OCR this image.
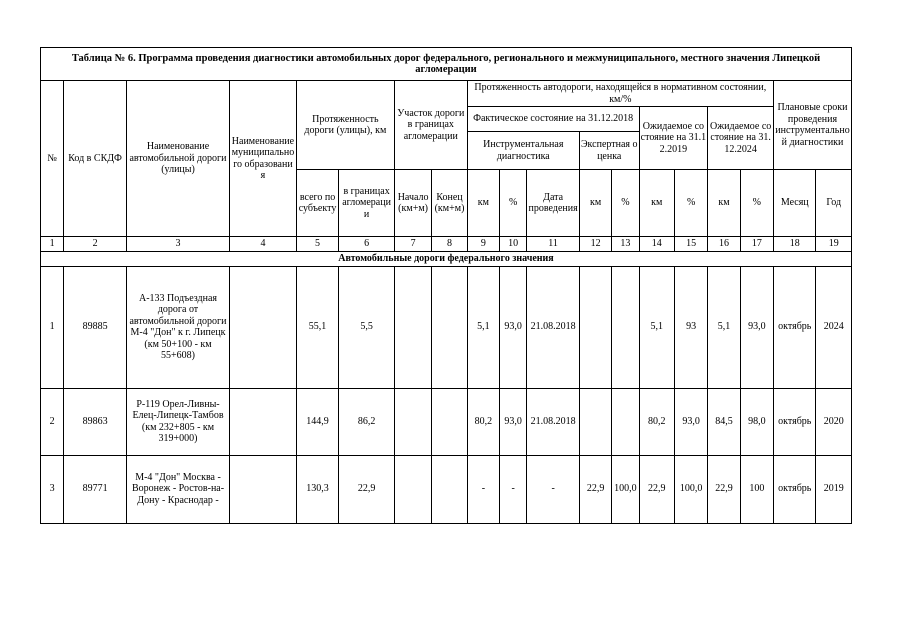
Таблица № 6. Программа проведения диагностики автомобильных дорог федерального, регионального и межмуниципального, местного значения Липецкой агломерации																		
№	Код в СКДФ	Наименование автомобильной дороги (улицы)	Наименование муниципального образования	Протяженность дороги (улицы), км		Участок дороги в границах агломерации		Протяженность автодороги, находящейся в нормативном состоянии, км/%									Плановые сроки проведения инструментальной диагностики	
								Фактическое состояние на 31.12.2018					Ожидаемое состояние на 31.12.2019		Ожидаемое состояние на 31.12.2024			
								Инструментальная диагностика			Экспертная оценка							
				всего по субъекту	в границах агломерации	Начало (км+м)	Конец (км+м)	км	%	Дата проведения	км	%	км	%	км	%	Месяц	Год
1	2	3	4	5	6	7	8	9	10	11	12	13	14	15	16	17	18	19
Автомобильные дороги федерального значения																		
1	89885	А-133 Подъездная дорога от автомобильной дороги М-4 "Дон" к г. Липецк (км 50+100 - км 55+608)		55,1	5,5			5,1	93,0	21.08.2018			5,1	93	5,1	93,0	октябрь	2024
2	89863	Р-119 Орел-Ливны-Елец-Липецк-Тамбов (км 232+805 - км 319+000)		144,9	86,2			80,2	93,0	21.08.2018			80,2	93,0	84,5	98,0	октябрь	2020
3	89771	М-4 "Дон" Москва - Воронеж - Ростов-на-Дону - Краснодар -		130,3	22,9			-	-	-	22,9	100,0	22,9	100,0	22,9	100	октябрь	2019
